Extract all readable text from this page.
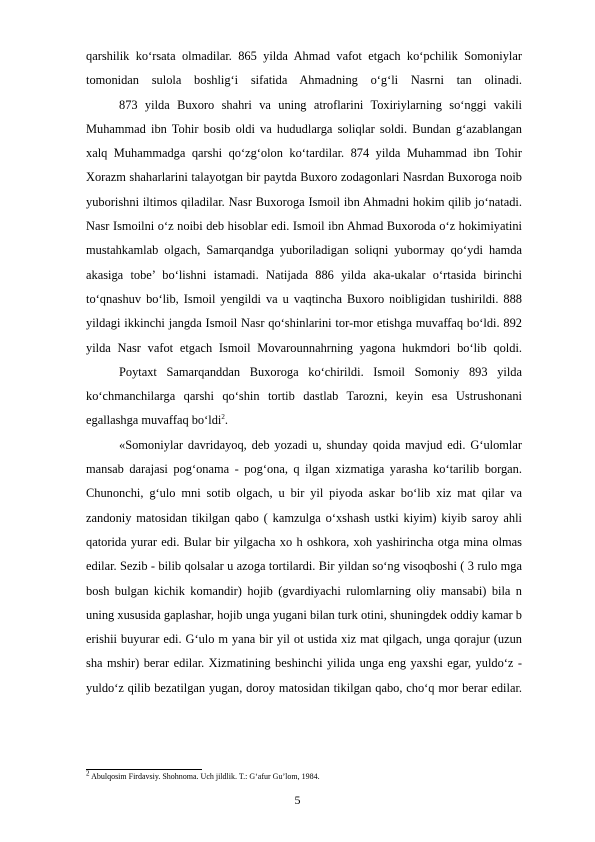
qarshilik ko‘rsata olmadilar. 865 yilda Ahmad vafot etgach ko‘pchilik Somoniylar tomonidan sulola boshlig‘i sifatida Ahmadning o‘g‘li Nasrni tan olinadi.

873 yilda Buxoro shahri va uning atroflarini Toxiriylarning so‘nggi vakili Muhammad ibn Tohir bosib oldi va hududlarga soliqlar soldi. Bundan g‘azablangan xalq Muhammadga qarshi qo‘zg‘olon ko‘tardilar. 874 yilda Muhammad ibn Tohir Xorazm shaharlarini talayotgan bir paytda Buxoro zodagonlari Nasrdan Buxoroga noib yuborishni iltimos qiladilar. Nasr Buxoroga Ismoil ibn Ahmadni hokim qilib jo‘natadi. Nasr Ismoilni o‘z noibi deb hisoblar edi. Ismoil ibn Ahmad Buxoroda o‘z hokimiyatini mustahkamlab olgach, Samarqandga yuboriladigan soliqni yubormay qo‘ydi hamda akasiga tobe’ bo‘lishni istamadi. Natijada 886 yilda aka-ukalar o‘rtasida birinchi to‘qnashuv bo‘lib, Ismoil yengildi va u vaqtincha Buxoro noibligidan tushirildi. 888 yildagi ikkinchi jangda Ismoil Nasr qo‘shinlarini tor-mor etishga muvaffaq bo‘ldi. 892 yilda Nasr vafot etgach Ismoil Movarounnahrning yagona hukmdori bo‘lib qoldi.

Poytaxt Samarqanddan Buxoroga ko‘chirildi. Ismoil Somoniy 893 yilda ko‘chmanchilarga qarshi qo‘shin tortib dastlab Tarozni, keyin esa Ustrushonani egallashga muvaffaq bo‘ldi$^2$.

«Somoniylar davridayoq, deb yozadi u, shunday qoida mavjud edi. G‘ulomlar mansab darajasi pog‘onama - pog‘ona, q ilgan xizmatiga yarasha ko‘tarilib borgan. Chunonchi, g‘ulo mni sotib olgach, u bir yil piyoda askar bo‘lib xiz mat qilar va zandoniy matosidan tikilgan qabo ( kamzulga o‘xshash ustki kiyim) kiyib saroy ahli qatorida yurar edi. Bular bir yilgacha xo h oshkora, xoh yashirincha otga mina olmas edilar. Sezib - bilib qolsalar u azoga tortilardi. Bir yildan so‘ng visoqboshi ( 3 rulo mga bosh bulgan kichik komandir) hojib (gvardiyachi rulomlarning oliy mansabi) bila n uning xususida gaplashar, hojib unga yugani bilan turk otini, shuningdek oddiy kamar b erishii buyurar edi. G‘ulo m yana bir yil ot ustida xiz mat qilgach, unga qorajur (uzun sha mshir) berar edilar. Xizmatining beshinchi yilida unga eng yaxshi egar, yuldo‘z - yuldo‘z qilib bezatilgan yugan, doroy matosidan tikilgan qabo, cho‘q mor berar edilar.

$^2$ Abulqosim Firdavsiy. Shohnoma. Uch jildlik. T.: G‘afur Gu’lom, 1984.
5
